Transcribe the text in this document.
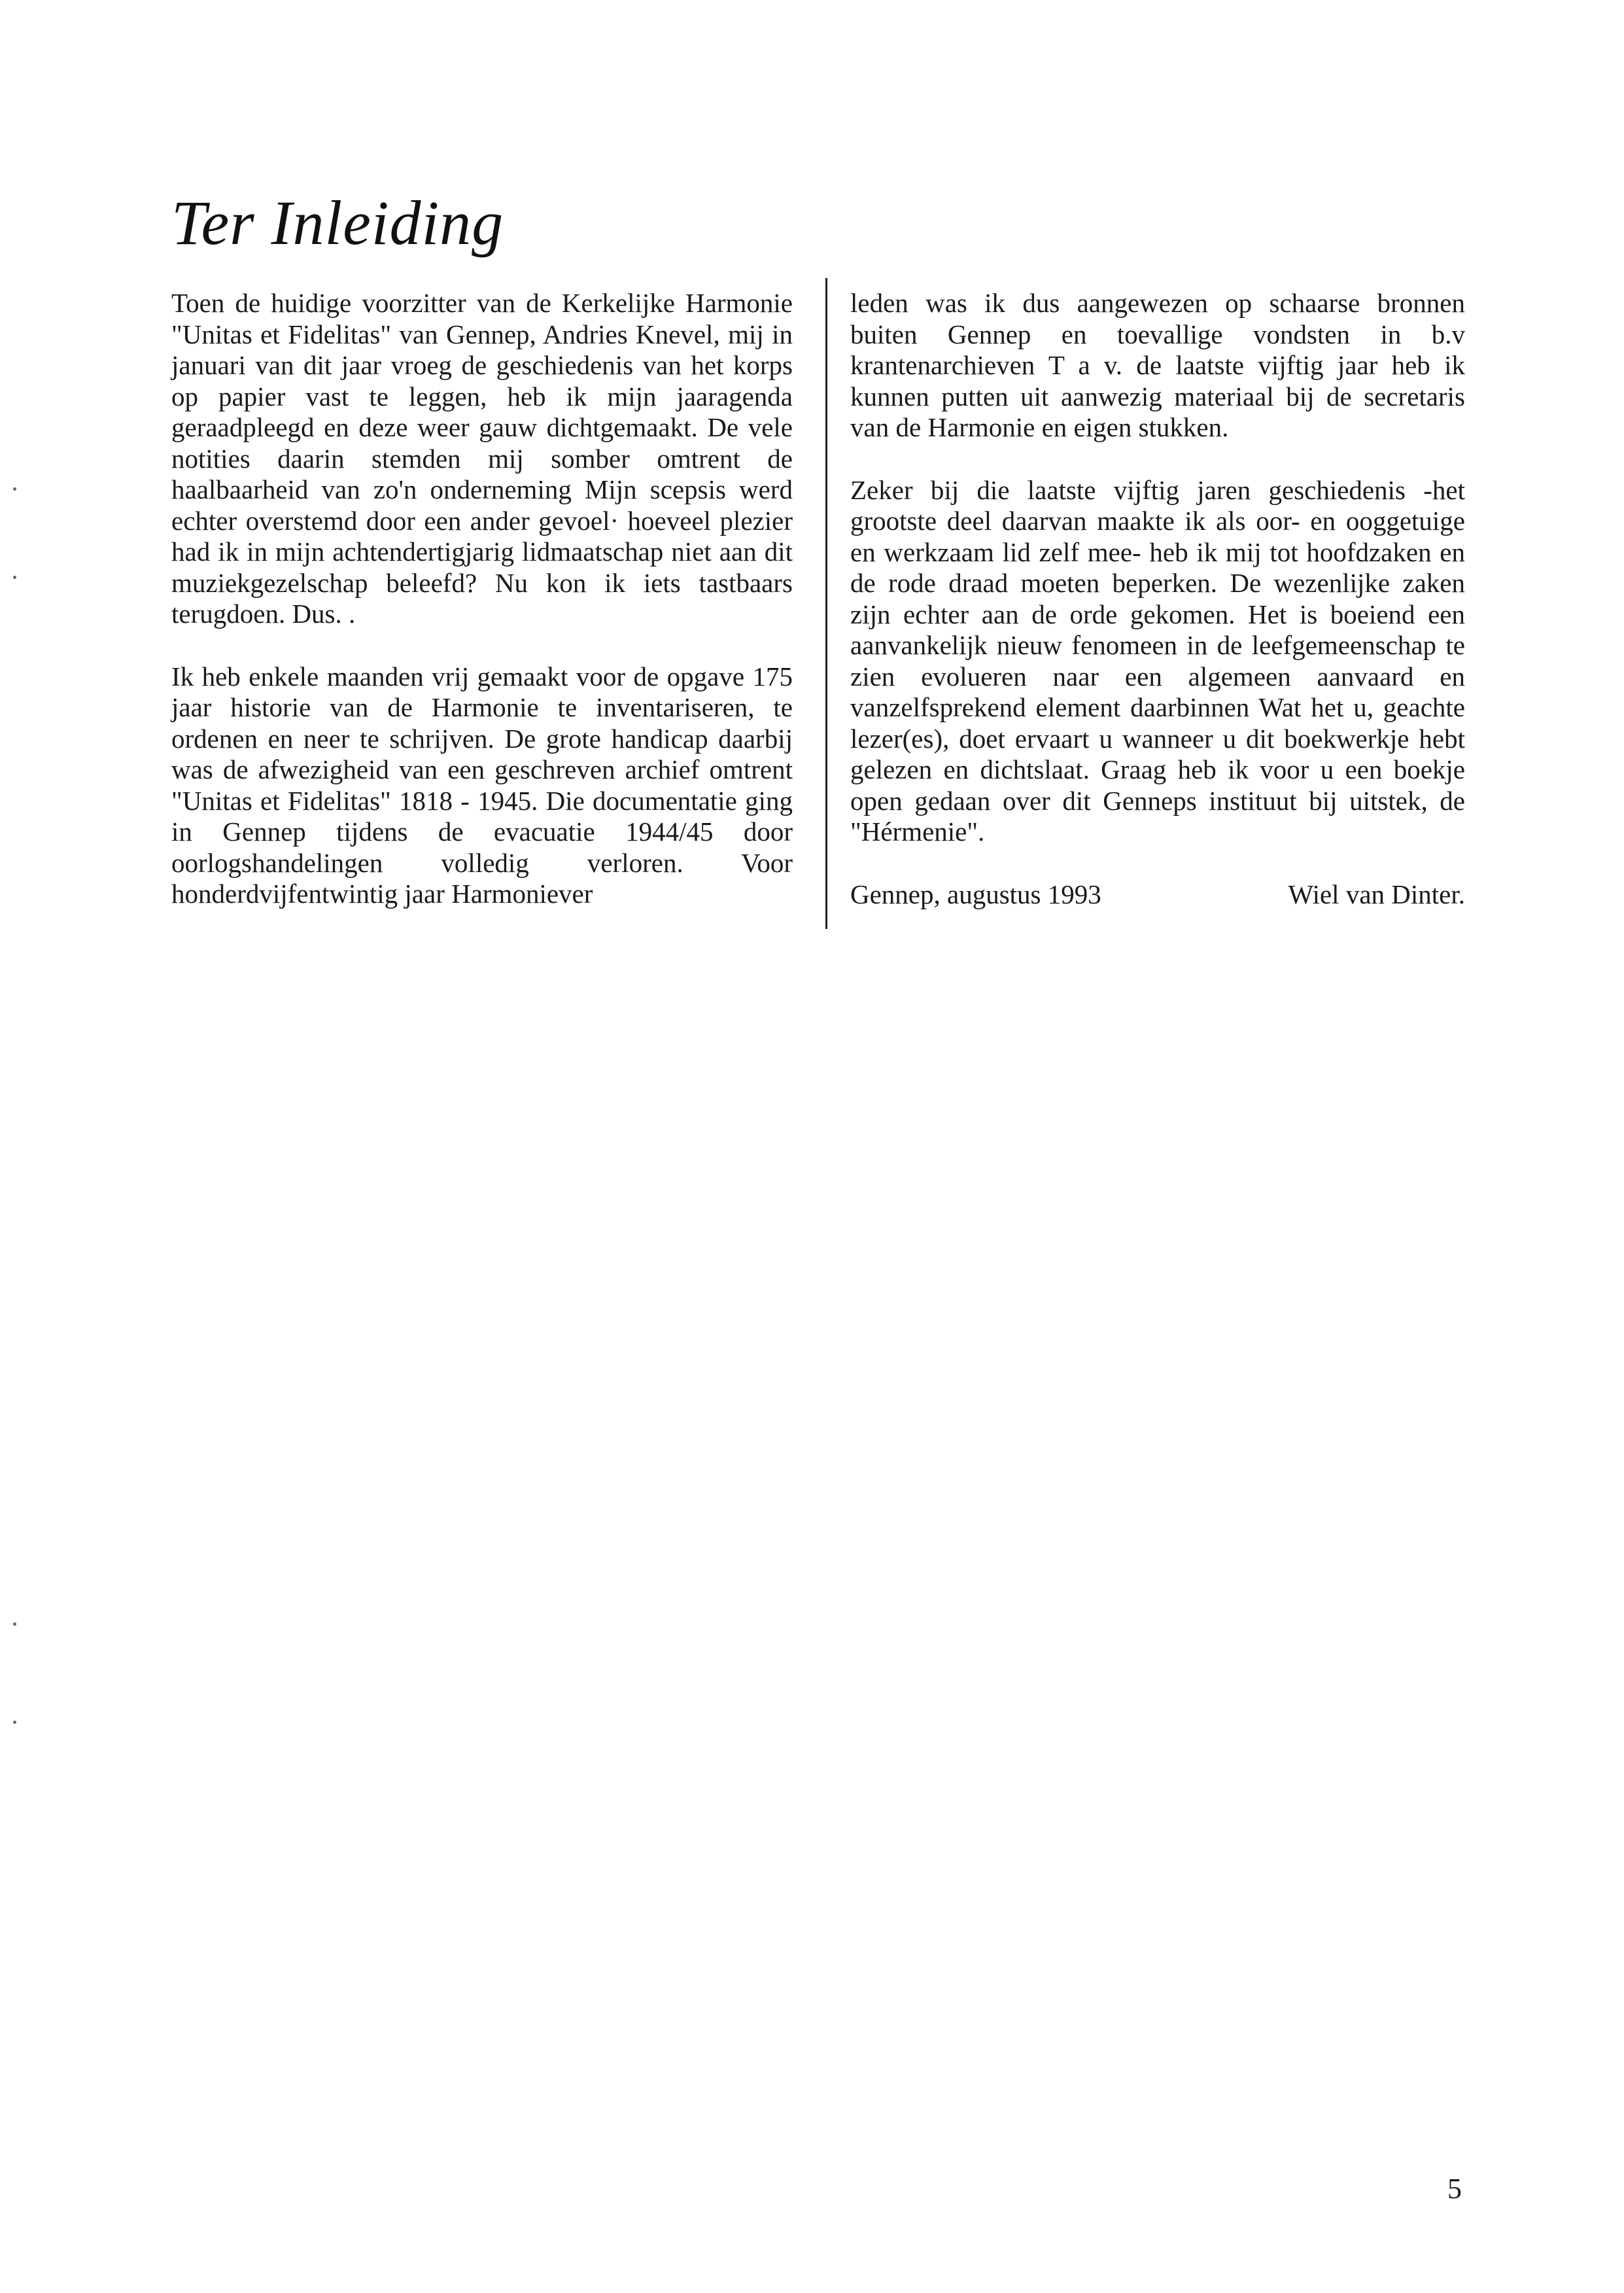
Ter Inleiding

Toen de huidige voorzitter van de Kerkelijke Harmonie "Unitas et Fidelitas" van Gennep, Andries Knevel, mij in januari van dit jaar vroeg de geschiedenis van het korps op papier vast te leggen, heb ik mijn jaaragenda geraadpleegd en deze weer gauw dichtgemaakt. De vele notities daarin stemden mij somber omtrent de haalbaarheid van zo'n onderneming Mijn scepsis werd echter overstemd door een ander gevoel· hoeveel plezier had ik in mijn achtendertigjarig lidmaatschap niet aan dit muziekgezelschap beleefd? Nu kon ik iets tastbaars terugdoen. Dus. .

Ik heb enkele maanden vrij gemaakt voor de opgave 175 jaar historie van de Harmonie te inventariseren, te ordenen en neer te schrijven. De grote handicap daarbij was de afwezigheid van een geschreven archief omtrent "Unitas et Fidelitas" 1818 - 1945. Die documentatie ging in Gennep tijdens de evacuatie 1944/45 door oorlogshandelingen volledig verloren. Voor honderdvijfentwintig jaar Harmoniever

leden was ik dus aangewezen op schaarse bronnen buiten Gennep en toevallige vondsten in b.v krantenarchieven T a v. de laatste vijftig jaar heb ik kunnen putten uit aanwezig materiaal bij de secretaris van de Harmonie en eigen stukken.

Zeker bij die laatste vijftig jaren geschiedenis -het grootste deel daarvan maakte ik als oor- en ooggetuige en werkzaam lid zelf mee- heb ik mij tot hoofdzaken en de rode draad moeten beperken. De wezenlijke zaken zijn echter aan de orde gekomen. Het is boeiend een aanvankelijk nieuw fenomeen in de leefgemeenschap te zien evolueren naar een algemeen aanvaard en vanzelfsprekend element daarbinnen Wat het u, geachte lezer(es), doet ervaart u wanneer u dit boekwerkje hebt gelezen en dichtslaat. Graag heb ik voor u een boekje open gedaan over dit Genneps instituut bij uitstek, de "Hérmenie".

Gennep, augustus 1993	Wiel van Dinter.
5
